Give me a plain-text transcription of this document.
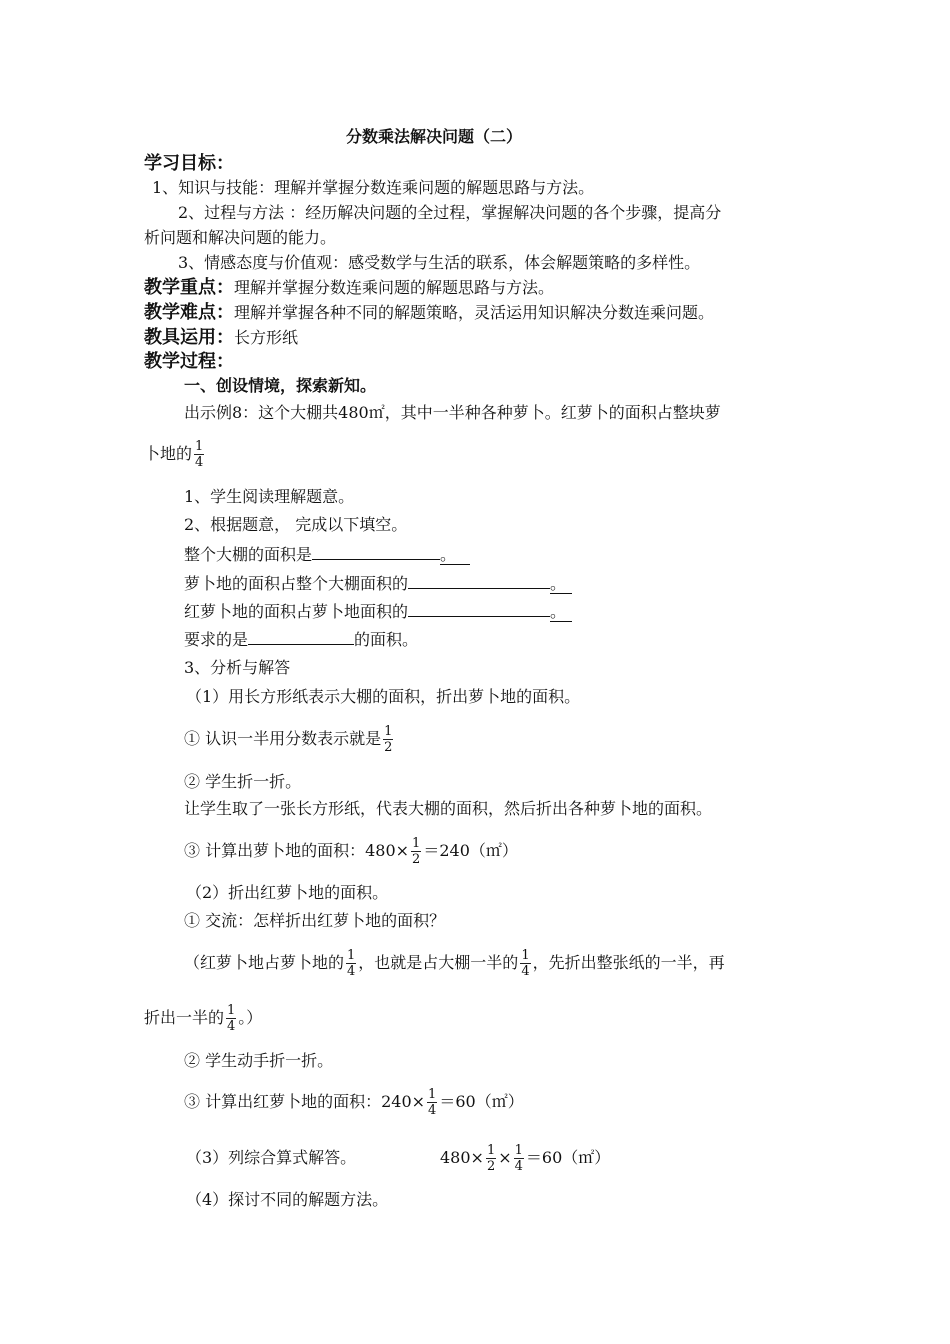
分数乘法解决问题（二）
学习目标：
1、知识与技能：理解并掌握分数连乘问题的解题思路与方法。
2、过程与方法 ：经历解决问题的全过程，掌握解决问题的各个步骤，提高分
析问题和解决问题的能力。
3、情感态度与价值观：感受数学与生活的联系，体会解题策略的多样性。
教学重点：理解并掌握分数连乘问题的解题思路与方法。
教学难点：理解并掌握各种不同的解题策略，灵活运用知识解决分数连乘问题。
教具运用：长方形纸
教学过程：
一、创设情境，探索新知。
出示例8：这个大棚共480㎡，其中一半种各种萝卜。红萝卜的面积占整块萝
卜地的 $\frac{1}{4}$
1、学生阅读理解题意。
2、根据题意， 完成以下填空。
整个大棚的面积是	。
萝卜地的面积占整个大棚面积的	。
红萝卜地的面积占萝卜地面积的	。
要求的是	的面积。
3、分析与解答
（1）用长方形纸表示大棚的面积，折出萝卜地的面积。
① 认识一半用分数表示就是 $\frac{1}{2}$
② 学生折一折。
让学生取了一张长方形纸，代表大棚的面积，然后折出各种萝卜地的面积。
③ 计算出萝卜地的面积：$480\times \frac{1}{2}$ ＝240（㎡）
（2）折出红萝卜地的面积。
① 交流：怎样折出红萝卜地的面积？
（红萝卜地占萝卜地的 $\frac{1}{4}$ ，也就是占大棚一半的 $\frac{1}{4}$ ，先折出整张纸的一半，再
折出一半的 $\frac{1}{4}$ 。）
② 学生动手折一折。
③ 计算出红萝卜地的面积：$240\times \frac{1}{4}$ ＝60（㎡）
（3）列综合算式解答。	$480\times \frac{1}{2} \times \frac{1}{4}$ ＝60（㎡）
（4）探讨不同的解题方法。
